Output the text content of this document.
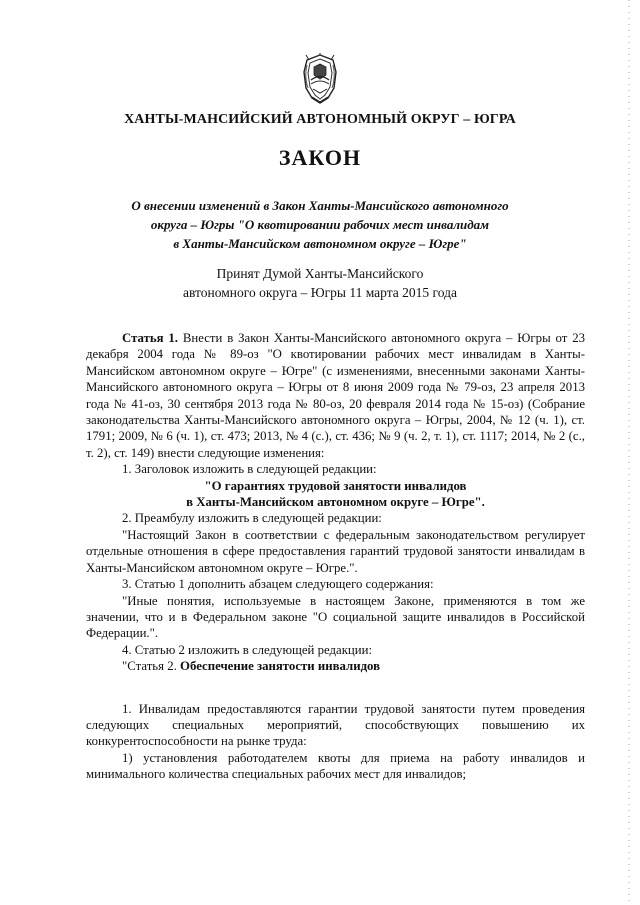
ХАНТЫ-МАНСИЙСКИЙ АВТОНОМНЫЙ ОКРУГ – ЮГРА
ЗАКОН
О внесении изменений в Закон Ханты-Мансийского автономного
округа – Югры "О квотировании рабочих мест инвалидам
в Ханты-Мансийском автономном округе – Югре"
Принят Думой Ханты-Мансийского
автономного округа – Югры 11 марта 2015 года

Статья 1. Внести в Закон Ханты-Мансийского автономного округа – Югры от 23 декабря 2004 года № 89-оз "О квотировании рабочих мест инвалидам в Ханты-Мансийском автономном округе – Югре" (с изменениями, внесенными законами Ханты-Мансийского автономного округа – Югры от 8 июня 2009 года № 79-оз, 23 апреля 2013 года № 41-оз, 30 сентября 2013 года № 80-оз, 20 февраля 2014 года № 15-оз) (Собрание законодательства Ханты-Мансийского автономного округа – Югры, 2004, № 12 (ч. 1), ст. 1791; 2009, № 6 (ч. 1), ст. 473; 2013, № 4 (с.), ст. 436; № 9 (ч. 2, т. 1), ст. 1117; 2014, № 2 (с., т. 2), ст. 149) внести следующие изменения:

1. Заголовок изложить в следующей редакции:

"О гарантиях трудовой занятости инвалидов

в Ханты-Мансийском автономном округе – Югре".

2. Преамбулу изложить в следующей редакции:

"Настоящий Закон в соответствии с федеральным законодательством регулирует отдельные отношения в сфере предоставления гарантий трудовой занятости инвалидам в Ханты-Мансийском автономном округе – Югре.".

3. Статью 1 дополнить абзацем следующего содержания:

"Иные понятия, используемые в настоящем Законе, применяются в том же значении, что и в Федеральном законе "О социальной защите инвалидов в Российской Федерации.".

4. Статью 2 изложить в следующей редакции:

"Статья 2. Обеспечение занятости инвалидов

1. Инвалидам предоставляются гарантии трудовой занятости путем проведения следующих специальных мероприятий, способствующих повышению их конкурентоспособности на рынке труда:

1) установления работодателем квоты для приема на работу инвалидов и минимального количества специальных рабочих мест для инвалидов;
